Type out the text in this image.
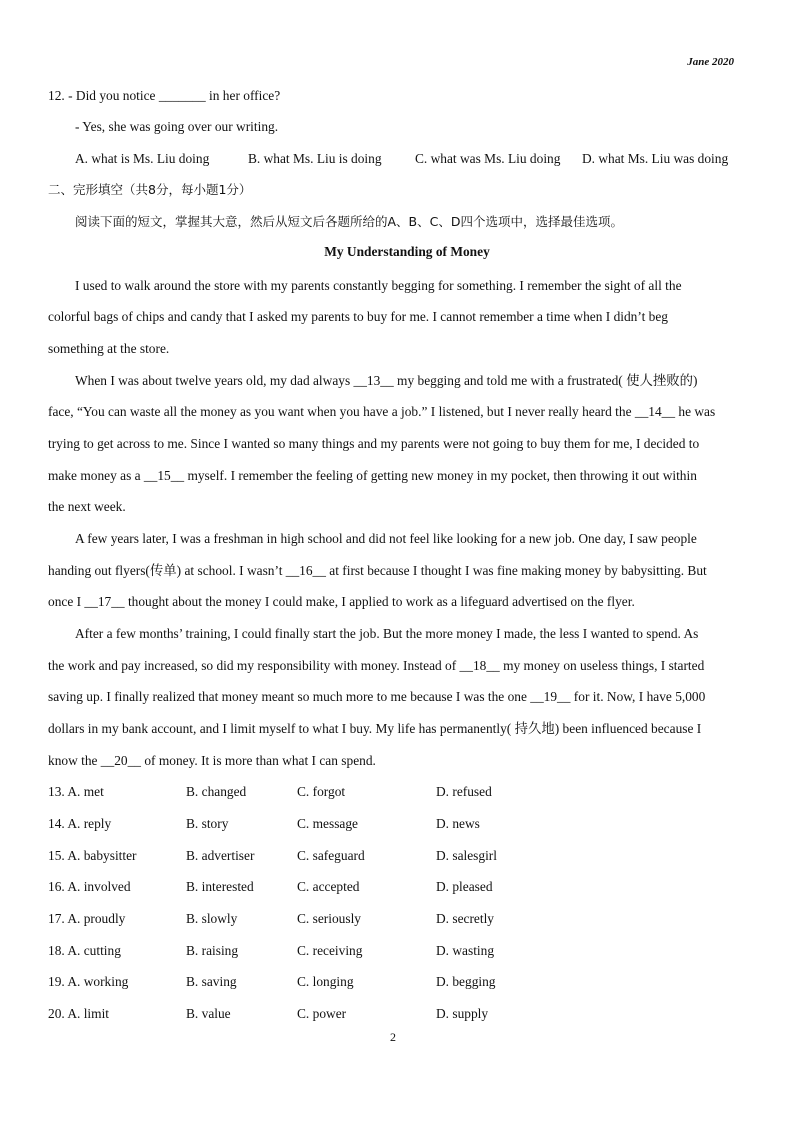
Jane 2020
12. - Did you notice _______ in her office?
- Yes, she was going over our writing.
A. what is Ms. Liu doing	B. what Ms. Liu is doing C. what was Ms. Liu doing D. what Ms. Liu was doing
二、完形填空（共8分，每小题1分）
阅读下面的短文，掌握其大意，然后从短文后各题所给的A、B、C、D四个选项中，选择最佳选项。
My Understanding of Money
I used to walk around the store with my parents constantly begging for something. I remember the sight of all the
colorful bags of chips and candy that I asked my parents to buy for me. I cannot remember a time when I didn’t beg
something at the store.
When I was about twelve years old, my dad always __13__ my begging and told me with a frustrated( 使人挫败的)
face, “You can waste all the money as you want when you have a job.” I listened, but I never really heard the __14__ he was
trying to get across to me. Since I wanted so many things and my parents were not going to buy them for me, I decided to
make money as a __15__ myself. I remember the feeling of getting new money in my pocket, then throwing it out within
the next week.
A few years later, I was a freshman in high school and did not feel like looking for a new job. One day, I saw people
handing out flyers(传单) at school. I wasn’t __16__ at first because I thought I was fine making money by babysitting. But
once I __17__ thought about the money I could make, I applied to work as a lifeguard advertised on the flyer.
After a few months’ training, I could finally start the job. But the more money I made, the less I wanted to spend. As
the work and pay increased, so did my responsibility with money. Instead of __18__ my money on useless things, I started
saving up. I finally realized that money meant so much more to me because I was the one __19__ for it. Now, I have 5,000
dollars in my bank account, and I limit myself to what I buy. My life has permanently( 持久地) been influenced because I
know the __20__ of money. It is more than what I can spend.
13. A. met	B. changed	C. forgot	D. refused
14. A. reply	B. story	C. message	D. news
15. A. babysitter	B. advertiser	C. safeguard	D. salesgirl
16. A. involved	B. interested	C. accepted	D. pleased
17. A. proudly	B. slowly	C. seriously	D. secretly
18. A. cutting	B. raising	C. receiving	D. wasting
19. A. working	B. saving	C. longing	D. begging
20. A. limit	B. value	C. power	D. supply
2
